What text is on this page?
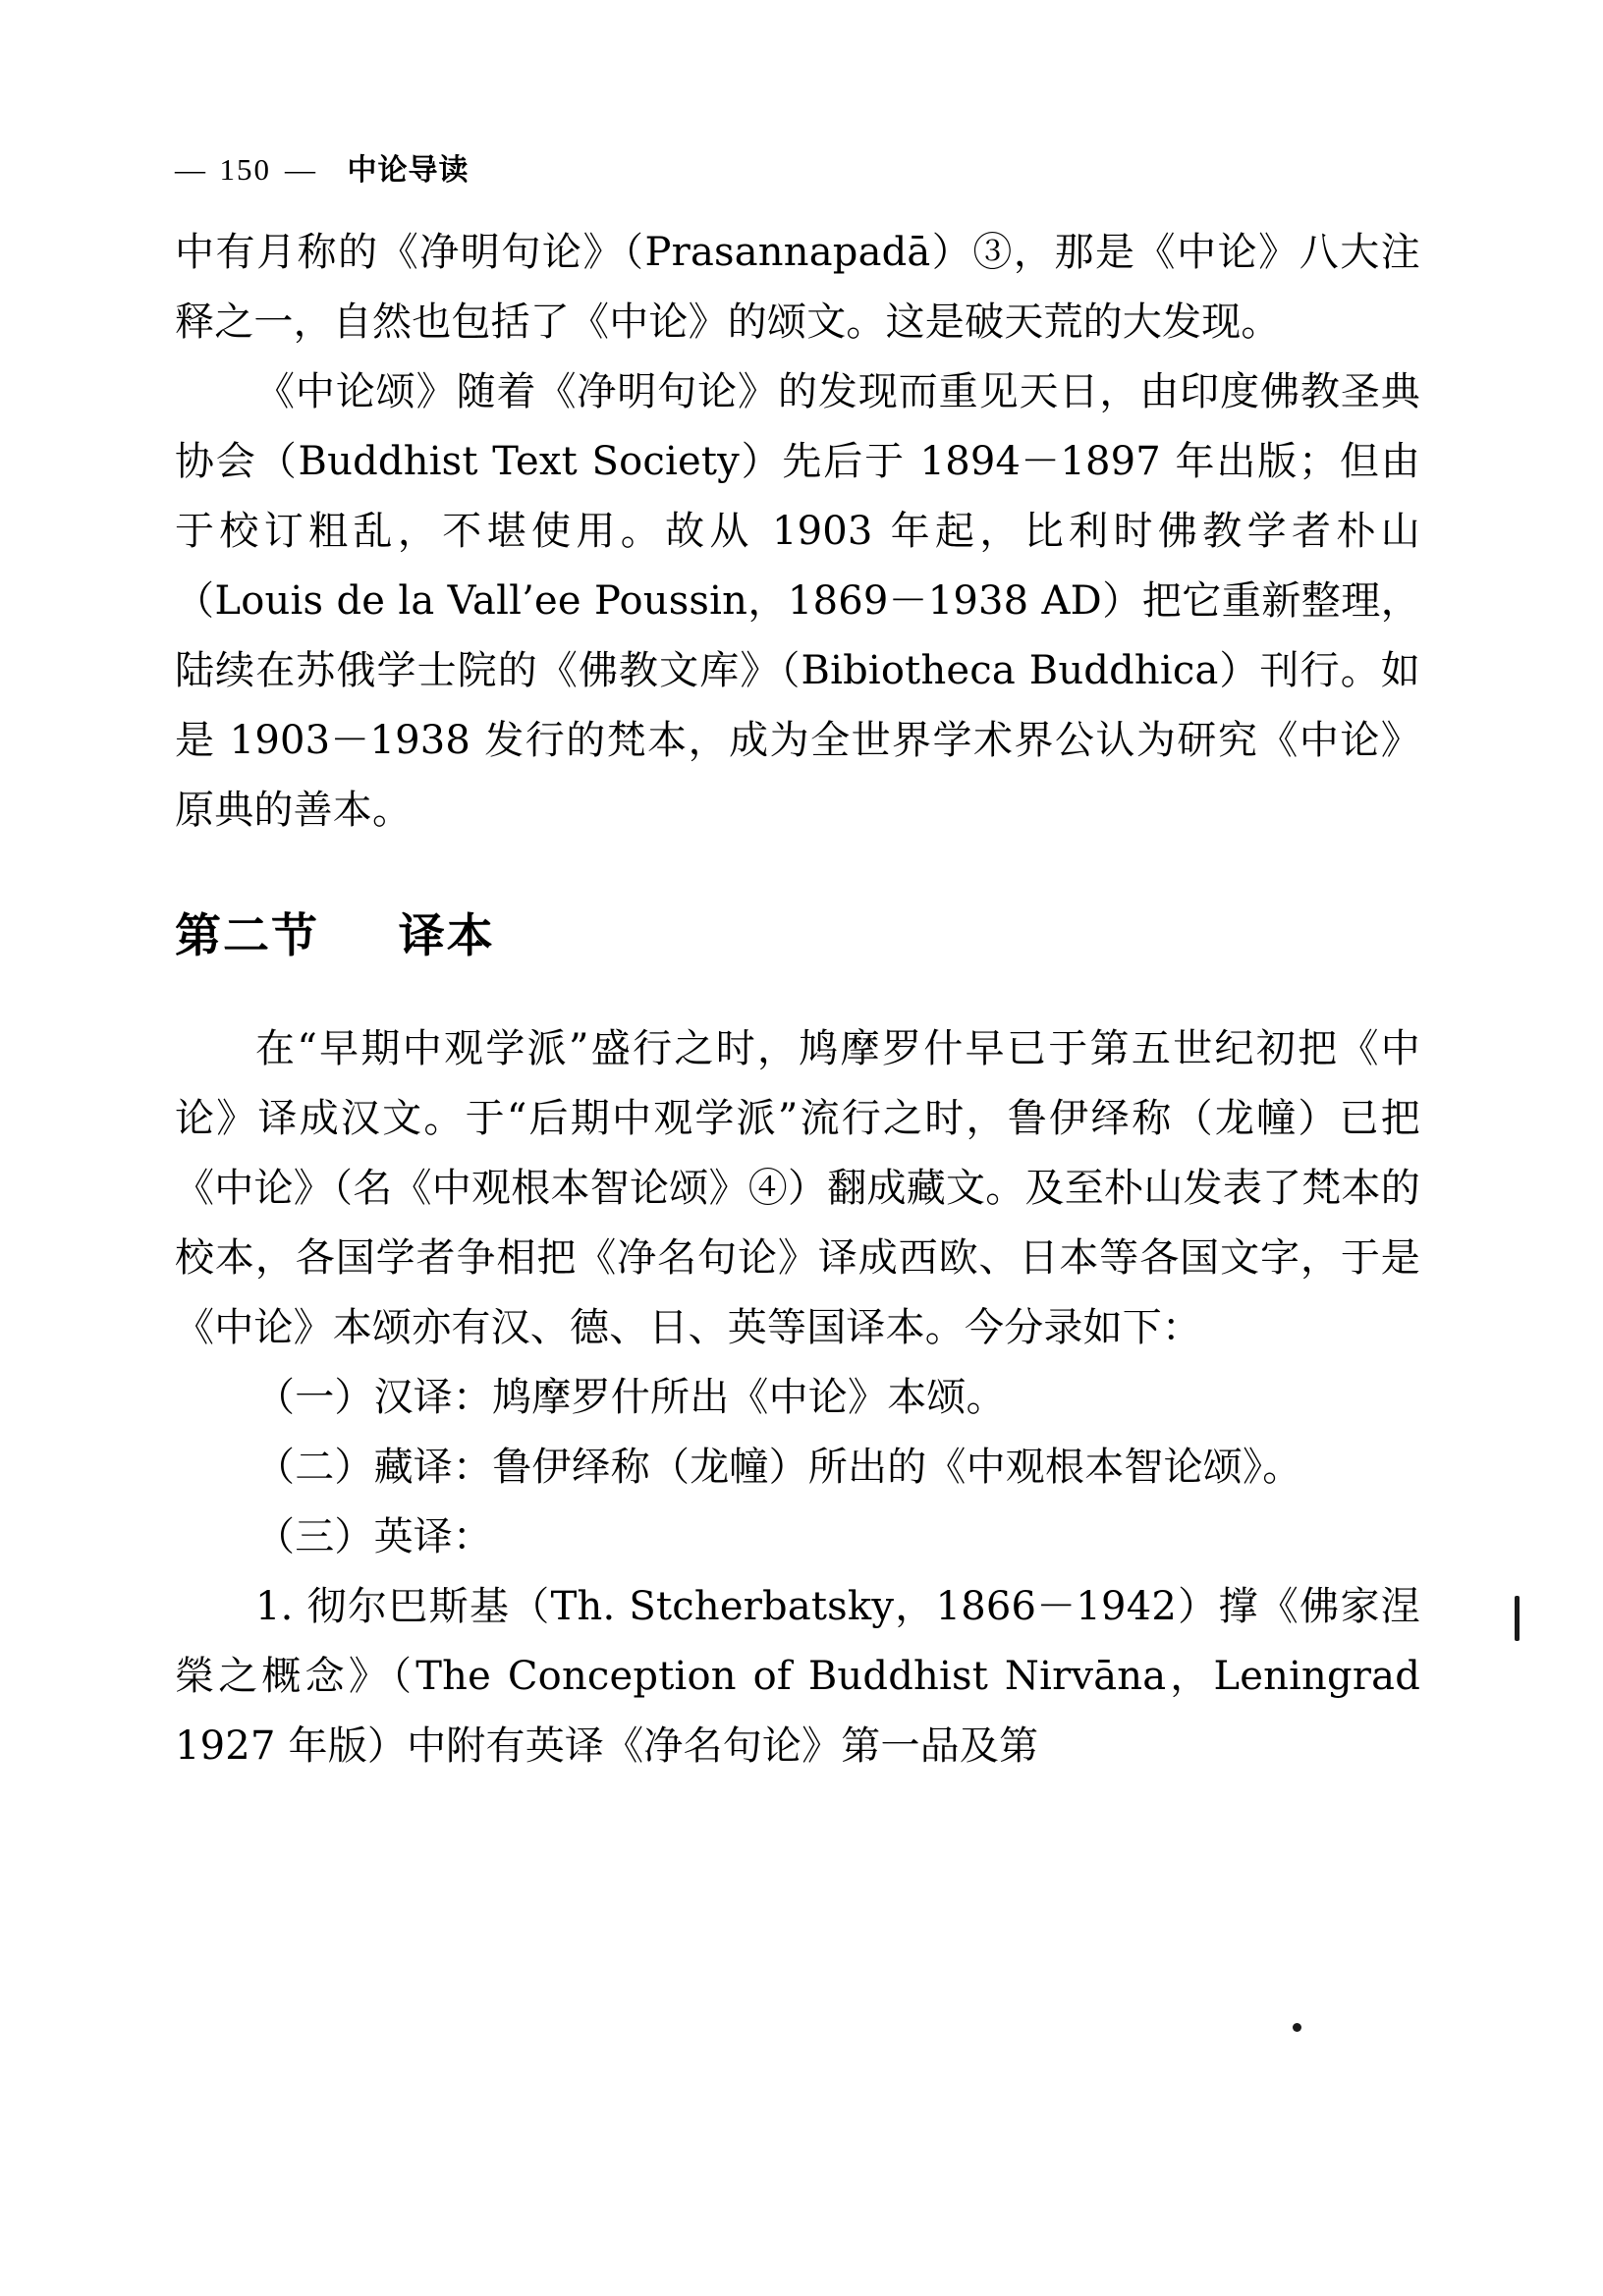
— 150 — 中论导读

中有月称的《净明句论》（Prasannapadā）③，那是《中论》八大注释之一，自然也包括了《中论》的颂文。这是破天荒的大发现。

《中论颂》随着《净明句论》的发现而重见天日，由印度佛教圣典协会（Buddhist Text Society）先后于 1894－1897 年出版；但由于校订粗乱，不堪使用。故从 1903 年起，比利时佛教学者朴山（Louis de la Vall’ee Poussin，1869－1938 AD）把它重新整理，陆续在苏俄学士院的《佛教文库》（Bibiotheca Buddhica）刊行。如是 1903－1938 发行的梵本，成为全世界学术界公认为研究《中论》原典的善本。

第二节 译本

在“早期中观学派”盛行之时，鸠摩罗什早已于第五世纪初把《中论》译成汉文。于“后期中观学派”流行之时，鲁伊绎称（龙幢）已把《中论》（名《中观根本智论颂》④）翻成藏文。及至朴山发表了梵本的校本，各国学者争相把《净名句论》译成西欧、日本等各国文字，于是《中论》本颂亦有汉、德、日、英等国译本。今分录如下：

（一）汉译：鸠摩罗什所出《中论》本颂。

（二）藏译：鲁伊绎称（龙幢）所出的《中观根本智论颂》。

（三）英译：

1. 彻尔巴斯基（Th. Stcherbatsky，1866－1942）撑《佛家涅榮之概念》（The Conception of Buddhist Nirvāna，Leningrad 1927 年版）中附有英译《净名句论》第一品及第
